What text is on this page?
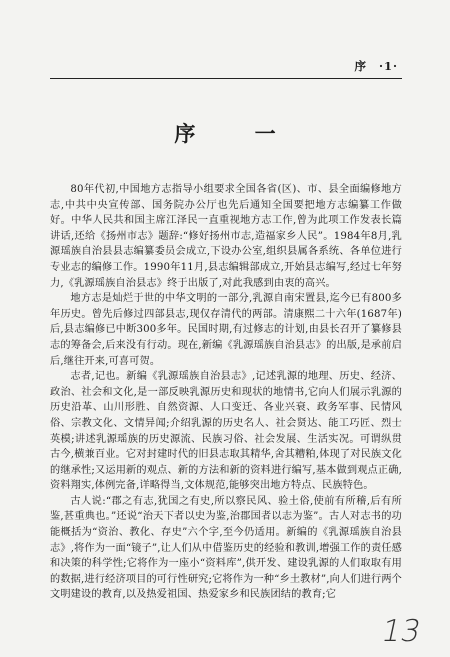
序 ·1·
序 一

80年代初,中国地方志指导小组要求全国各省(区)、市、县全面编修地方志,中共中央宣传部、国务院办公厅也先后通知全国要把地方志编纂工作做好。中华人民共和国主席江泽民一直重视地方志工作,曾为此项工作发表长篇讲话,还给《扬州市志》题辞:“修好扬州市志,造福家乡人民”。1984年8月,乳源瑶族自治县县志编纂委员会成立,下设办公室,组织县属各系统、各单位进行专业志的编修工作。1990年11月,县志编辑部成立,开始县志编写,经过七年努力,《乳源瑶族自治县志》终于出版了,对此我感到由衷的高兴。

地方志是灿烂于世的中华文明的一部分,乳源自南宋置县,迄今已有800多年历史。曾先后修过四部县志,现仅存清代的两部。清康熙二十六年(1687年)后,县志编修已中断300多年。民国时期,有过修志的计划,由县长召开了纂修县志的筹备会,后来没有行动。现在,新编《乳源瑶族自治县志》的出版,是承前启后,继往开来,可喜可贺。

志者,记也。新编《乳源瑶族自治县志》,记述乳源的地理、历史、经济、政治、社会和文化,是一部反映乳源历史和现状的地情书,它向人们展示乳源的历史沿革、山川形胜、自然资源、人口变迁、各业兴衰、政务军事、民情风俗、宗教文化、文情异闻;介绍乳源的历史名人、社会贤达、能工巧匠、烈士英模;讲述乳源瑶族的历史源流、民族习俗、社会发展、生活实况。可谓纵贯古今,横兼百业。它对封建时代的旧县志取其精华,舍其糟粕,体现了对民族文化的继承性;又运用新的观点、新的方法和新的资料进行编写,基本做到观点正确,资料翔实,体例完备,详略得当,文体规范,能够突出地方特点、民族特色。

古人说:“郡之有志,犹国之有史,所以察民风、验土俗,使前有所稽,后有所鉴,甚重典也。”还说“治天下者以史为鉴,治郡国者以志为鉴”。古人对志书的功能概括为“资治、教化、存史”六个字,至今仍适用。新编的《乳源瑶族自治县志》,将作为一面“镜子”,让人们从中借鉴历史的经验和教训,增强工作的责任感和决策的科学性;它将作为一座小“资料库”,供开发、建设乳源的人们取取有用的数据,进行经济项目的可行性研究;它将作为一种“乡土教材”,向人们进行两个文明建设的教育,以及热爱祖国、热爱家乡和民族团结的教育;它

13
